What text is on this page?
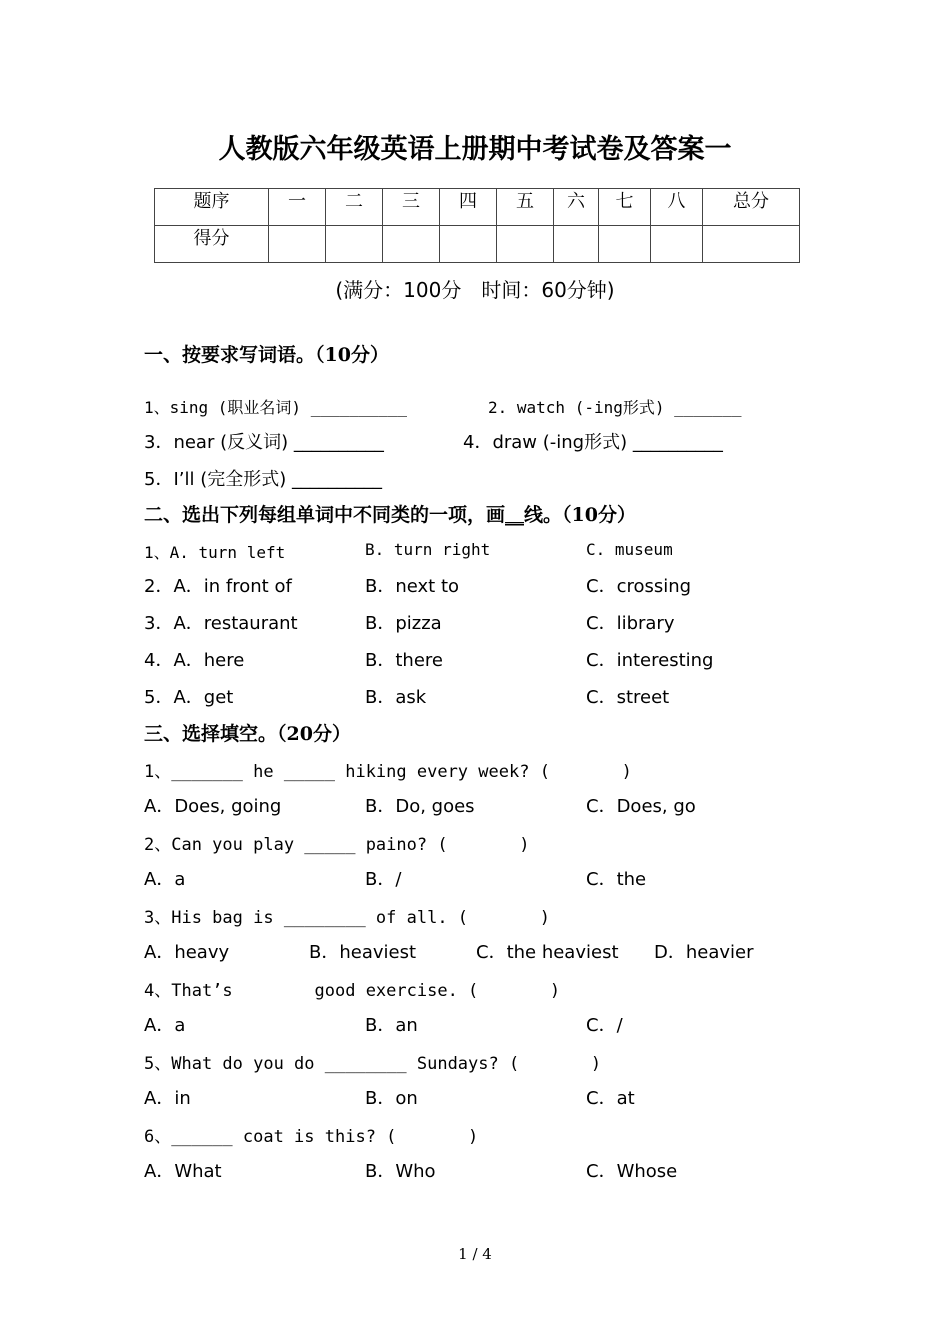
人教版六年级英语上册期中考试卷及答案一
题序	一	二	三	四	五	六	七	八	总分
得分									
(满分：100分　时间：60分钟)
一、按要求写词语。（10分）
1、sing (职业名词) __________	2. watch (-ing形式) _______
3．near (反义词) __________	4．draw (-ing形式) __________
5．I’ll (完全形式) __________
二、选出下列每组单词中不同类的一项，画__线。（10分）
1、A. turn left	B. turn right	C. museum
2．A．in front of	B．next to	C．crossing
3．A．restaurant	B．pizza	C．library
4．A．here	B．there	C．interesting
5．A．get	B．ask	C．street
三、选择填空。（20分）
1、_______ he _____ hiking every week? (       )
A．Does, going	B．Do, goes	C．Does, go
2、Can you play _____ paino? (       )
A．a	B．/	C．the
3、His bag is ________ of all. (       )
A．heavy	B．heaviest	C．the heaviest D．heavier
4、That’s        good exercise. (       )
A．a	B．an	C．/
5、What do you do ________ Sundays? (       )
A．in	B．on	C．at
6、______ coat is this? (       )
A．What	B．Who	C．Whose
1 / 4
